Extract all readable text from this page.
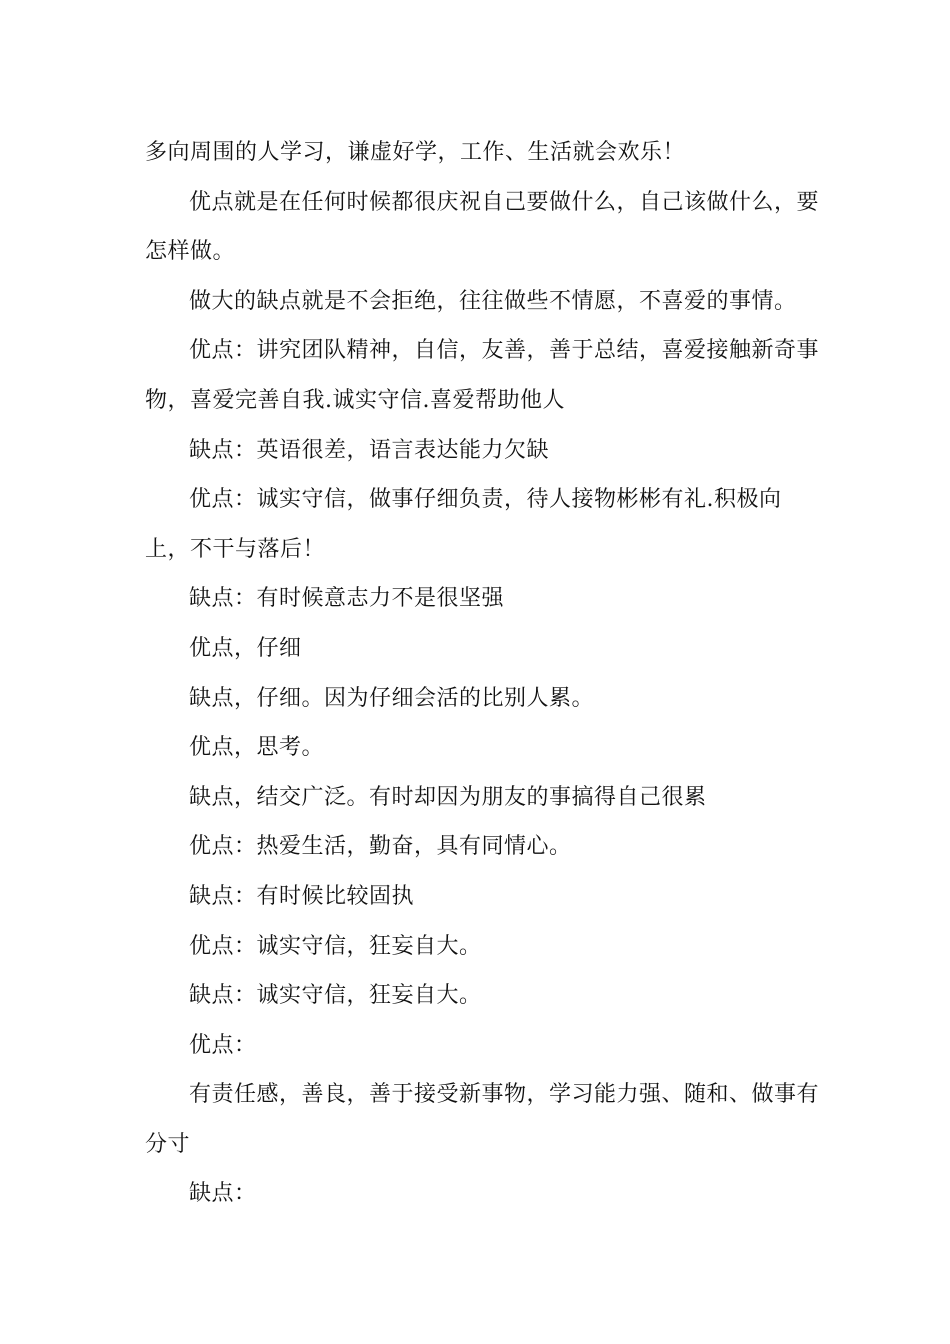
多向周围的人学习，谦虚好学，工作、生活就会欢乐！

优点就是在任何时候都很庆祝自己要做什么，自己该做什么，要怎样做。

做大的缺点就是不会拒绝，往往做些不情愿，不喜爱的事情。

优点：讲究团队精神，自信，友善，善于总结，喜爱接触新奇事物，喜爱完善自我.诚实守信.喜爱帮助他人

缺点：英语很差，语言表达能力欠缺

优点：诚实守信，做事仔细负责，待人接物彬彬有礼.积极向上，不干与落后！

缺点：有时候意志力不是很坚强

优点，仔细

缺点，仔细。因为仔细会活的比别人累。

优点，思考。

缺点，结交广泛。有时却因为朋友的事搞得自己很累

优点：热爱生活，勤奋，具有同情心。

缺点：有时候比较固执

优点：诚实守信，狂妄自大。

缺点：诚实守信，狂妄自大。

优点：

有责任感，善良，善于接受新事物，学习能力强、随和、做事有分寸

缺点：
